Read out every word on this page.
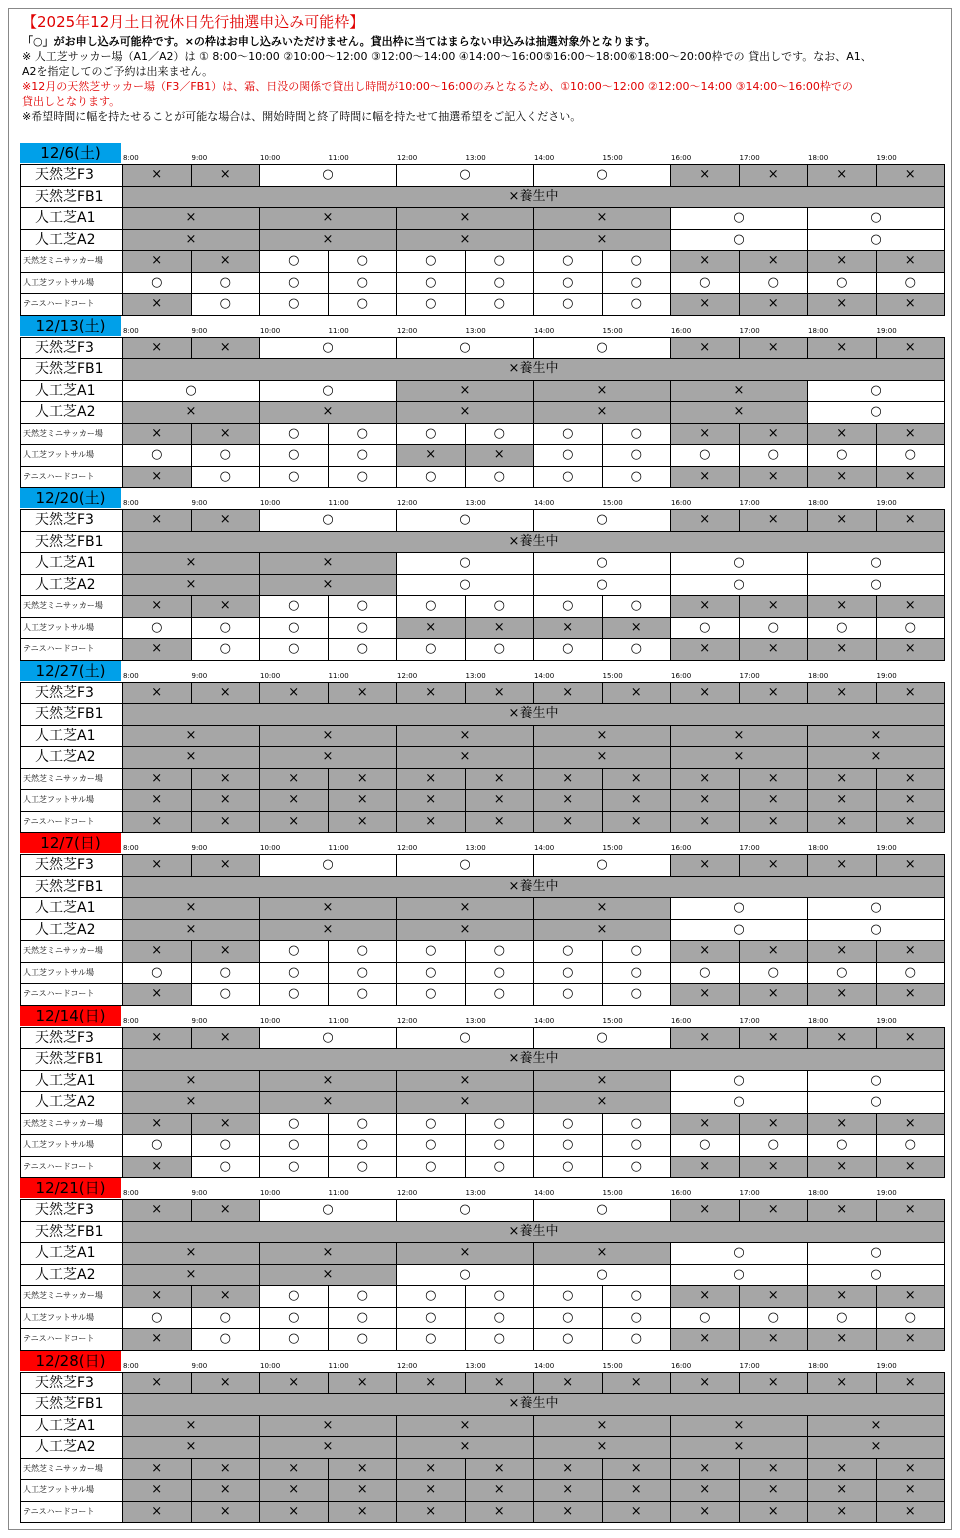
【2025年12月土日祝休日先行抽選申込み可能枠】
「○」がお申し込み可能枠です。×の枠はお申し込みいただけません。貸出枠に当てはまらない申込みは抽選対象外となります。
※ 人工芝サッカー場（A1／A2）は ① 8:00～10:00 ②10:00～12:00 ③12:00～14:00 ④14:00～16:00⑤16:00～18:00⑥18:00～20:00枠での 貸出しです。なお、A1、
A2を指定してのご予約は出来ません。
※12月の天然芝サッカー場（F3／FB1）は、霜、日没の関係で貸出し時間が10:00～16:00のみとなるため、①10:00～12:00 ②12:00～14:00 ③14:00～16:00枠での
貸出しとなります。
※希望時間に幅を持たせることが可能な場合は、開始時間と終了時間に幅を持たせて抽選希望をご記入ください。
12/6(土)	8:00	9:00	10:00	11:00	12:00	13:00	14:00	15:00	16:00	17:00	18:00	19:00
天然芝F3	×	×	○		○		○		×	×	×	×
天然芝FB1	×養生中											
人工芝A1	×		×		×		×		○		○	
人工芝A2	×		×		×		×		○		○	
天然芝ミニサッカー場	×	×	○	○	○	○	○	○	×	×	×	×
人工芝フットサル場	○	○	○	○	○	○	○	○	○	○	○	○
テニスハードコート	×	○	○	○	○	○	○	○	×	×	×	×
12/13(土)	8:00	9:00	10:00	11:00	12:00	13:00	14:00	15:00	16:00	17:00	18:00	19:00
天然芝F3	×	×	○		○		○		×	×	×	×
天然芝FB1	×養生中											
人工芝A1	○		○		×		×		×		○	
人工芝A2	×		×		×		×		×		○	
天然芝ミニサッカー場	×	×	○	○	○	○	○	○	×	×	×	×
人工芝フットサル場	○	○	○	○	×	×	○	○	○	○	○	○
テニスハードコート	×	○	○	○	○	○	○	○	×	×	×	×
12/20(土)	8:00	9:00	10:00	11:00	12:00	13:00	14:00	15:00	16:00	17:00	18:00	19:00
天然芝F3	×	×	○		○		○		×	×	×	×
天然芝FB1	×養生中											
人工芝A1	×		×		○		○		○		○	
人工芝A2	×		×		○		○		○		○	
天然芝ミニサッカー場	×	×	○	○	○	○	○	○	×	×	×	×
人工芝フットサル場	○	○	○	○	×	×	×	×	○	○	○	○
テニスハードコート	×	○	○	○	○	○	○	○	×	×	×	×
12/27(土)	8:00	9:00	10:00	11:00	12:00	13:00	14:00	15:00	16:00	17:00	18:00	19:00
天然芝F3	×	×	×	×	×	×	×	×	×	×	×	×
天然芝FB1	×養生中											
人工芝A1	×		×		×		×		×		×	
人工芝A2	×		×		×		×		×		×	
天然芝ミニサッカー場	×	×	×	×	×	×	×	×	×	×	×	×
人工芝フットサル場	×	×	×	×	×	×	×	×	×	×	×	×
テニスハードコート	×	×	×	×	×	×	×	×	×	×	×	×
12/7(日)	8:00	9:00	10:00	11:00	12:00	13:00	14:00	15:00	16:00	17:00	18:00	19:00
天然芝F3	×	×	○		○		○		×	×	×	×
天然芝FB1	×養生中											
人工芝A1	×		×		×		×		○		○	
人工芝A2	×		×		×		×		○		○	
天然芝ミニサッカー場	×	×	○	○	○	○	○	○	×	×	×	×
人工芝フットサル場	○	○	○	○	○	○	○	○	○	○	○	○
テニスハードコート	×	○	○	○	○	○	○	○	×	×	×	×
12/14(日)	8:00	9:00	10:00	11:00	12:00	13:00	14:00	15:00	16:00	17:00	18:00	19:00
天然芝F3	×	×	○		○		○		×	×	×	×
天然芝FB1	×養生中											
人工芝A1	×		×		×		×		○		○	
人工芝A2	×		×		×		×		○		○	
天然芝ミニサッカー場	×	×	○	○	○	○	○	○	×	×	×	×
人工芝フットサル場	○	○	○	○	○	○	○	○	○	○	○	○
テニスハードコート	×	○	○	○	○	○	○	○	×	×	×	×
12/21(日)	8:00	9:00	10:00	11:00	12:00	13:00	14:00	15:00	16:00	17:00	18:00	19:00
天然芝F3	×	×	○		○		○		×	×	×	×
天然芝FB1	×養生中											
人工芝A1	×		×		×		×		○		○	
人工芝A2	×		×		○		○		○		○	
天然芝ミニサッカー場	×	×	○	○	○	○	○	○	×	×	×	×
人工芝フットサル場	○	○	○	○	○	○	○	○	○	○	○	○
テニスハードコート	×	○	○	○	○	○	○	○	×	×	×	×
12/28(日)	8:00	9:00	10:00	11:00	12:00	13:00	14:00	15:00	16:00	17:00	18:00	19:00
天然芝F3	×	×	×	×	×	×	×	×	×	×	×	×
天然芝FB1	×養生中											
人工芝A1	×		×		×		×		×		×	
人工芝A2	×		×		×		×		×		×	
天然芝ミニサッカー場	×	×	×	×	×	×	×	×	×	×	×	×
人工芝フットサル場	×	×	×	×	×	×	×	×	×	×	×	×
テニスハードコート	×	×	×	×	×	×	×	×	×	×	×	×
